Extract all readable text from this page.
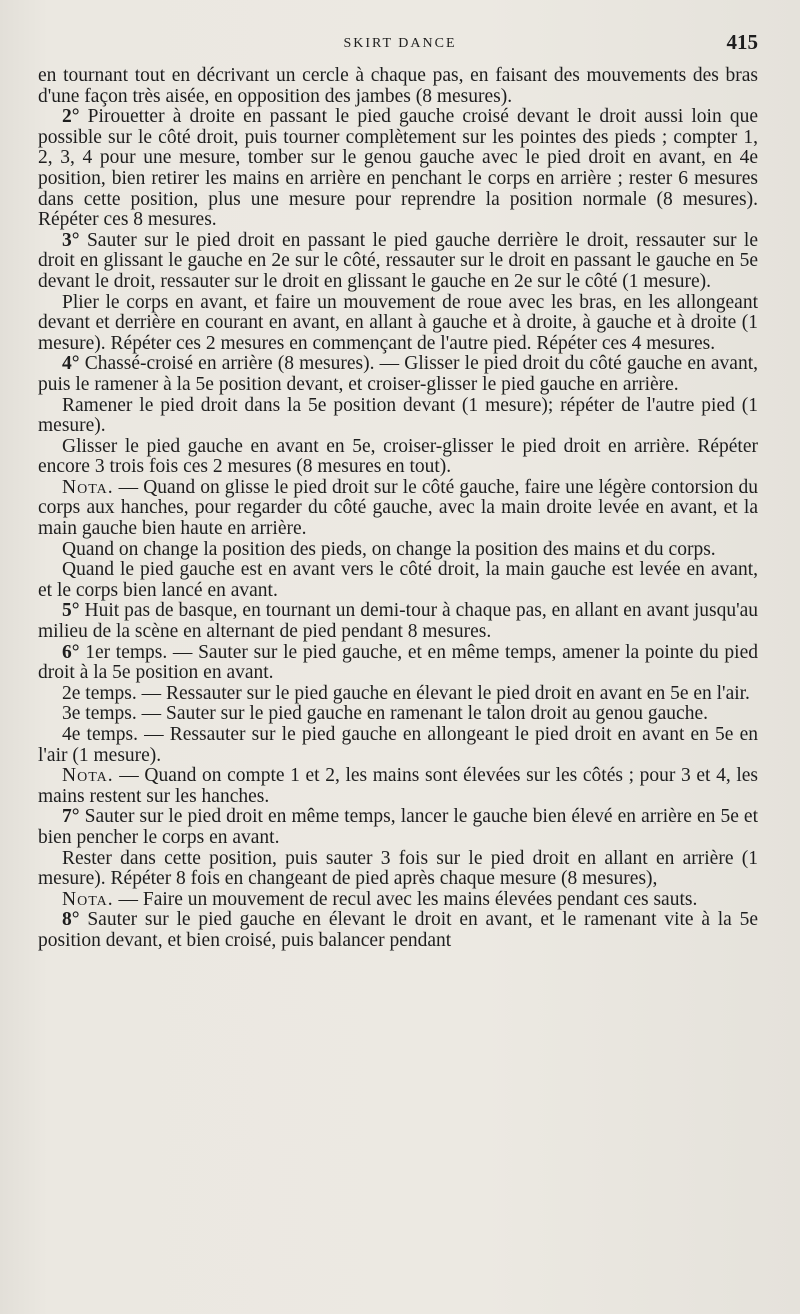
SKIRT DANCE	415

en tournant tout en décrivant un cercle à chaque pas, en faisant des mouvements des bras d'une façon très aisée, en opposition des jambes (8 mesures).

2° Pirouetter à droite en passant le pied gauche croisé devant le droit aussi loin que possible sur le côté droit, puis tourner complètement sur les pointes des pieds ; compter 1, 2, 3, 4 pour une mesure, tomber sur le genou gauche avec le pied droit en avant, en 4e position, bien retirer les mains en arrière en penchant le corps en arrière ; rester 6 mesures dans cette position, plus une mesure pour reprendre la position normale (8 mesures). Répéter ces 8 mesures.

3° Sauter sur le pied droit en passant le pied gauche derrière le droit, ressauter sur le droit en glissant le gauche en 2e sur le côté, ressauter sur le droit en passant le gauche en 5e devant le droit, ressauter sur le droit en glissant le gauche en 2e sur le côté (1 mesure).

Plier le corps en avant, et faire un mouvement de roue avec les bras, en les allongeant devant et derrière en courant en avant, en allant à gauche et à droite, à gauche et à droite (1 mesure). Répéter ces 2 mesures en commençant de l'autre pied. Répéter ces 4 mesures.

4° Chassé-croisé en arrière (8 mesures). — Glisser le pied droit du côté gauche en avant, puis le ramener à la 5e position devant, et croiser-glisser le pied gauche en arrière.

Ramener le pied droit dans la 5e position devant (1 mesure); répéter de l'autre pied (1 mesure).

Glisser le pied gauche en avant en 5e, croiser-glisser le pied droit en arrière. Répéter encore 3 trois fois ces 2 mesures (8 mesures en tout).

Nota. — Quand on glisse le pied droit sur le côté gauche, faire une légère contorsion du corps aux hanches, pour regarder du côté gauche, avec la main droite levée en avant, et la main gauche bien haute en arrière.

Quand on change la position des pieds, on change la position des mains et du corps.

Quand le pied gauche est en avant vers le côté droit, la main gauche est levée en avant, et le corps bien lancé en avant.

5° Huit pas de basque, en tournant un demi-tour à chaque pas, en allant en avant jusqu'au milieu de la scène en alternant de pied pendant 8 mesures.

6° 1er temps. — Sauter sur le pied gauche, et en même temps, amener la pointe du pied droit à la 5e position en avant.

2e temps. — Ressauter sur le pied gauche en élevant le pied droit en avant en 5e en l'air.

3e temps. — Sauter sur le pied gauche en ramenant le talon droit au genou gauche.

4e temps. — Ressauter sur le pied gauche en allongeant le pied droit en avant en 5e en l'air (1 mesure).

Nota. — Quand on compte 1 et 2, les mains sont élevées sur les côtés ; pour 3 et 4, les mains restent sur les hanches.

7° Sauter sur le pied droit en même temps, lancer le gauche bien élevé en arrière en 5e et bien pencher le corps en avant.

Rester dans cette position, puis sauter 3 fois sur le pied droit en allant en arrière (1 mesure). Répéter 8 fois en changeant de pied après chaque mesure (8 mesures),

Nota. — Faire un mouvement de recul avec les mains élevées pendant ces sauts.

8° Sauter sur le pied gauche en élevant le droit en avant, et le ramenant vite à la 5e position devant, et bien croisé, puis balancer pendant
